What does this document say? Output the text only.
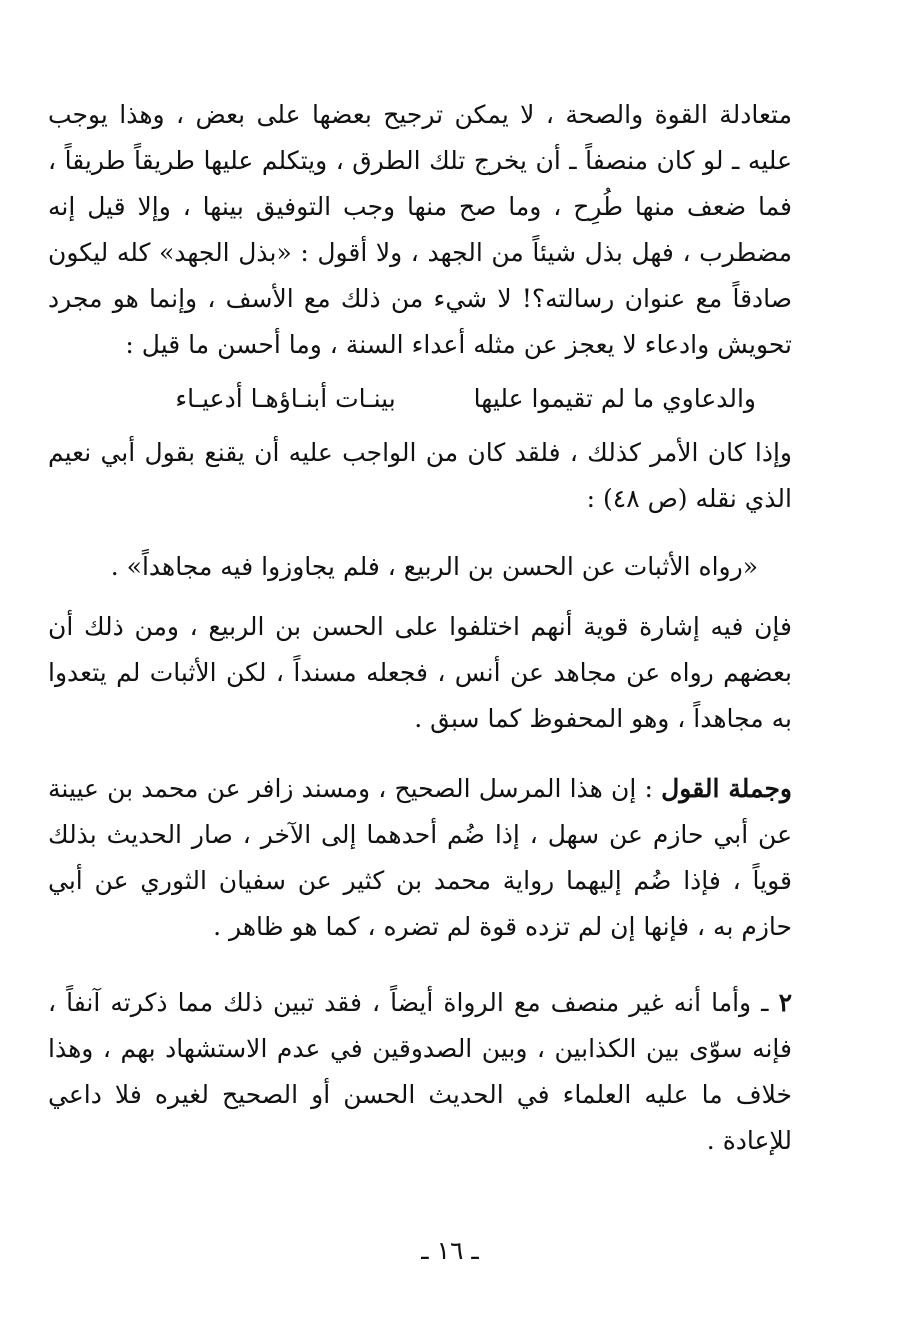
متعادلة القوة والصحة ، لا يمكن ترجيح بعضها على بعض ، وهذا يوجب عليه ـ لو كان منصفاً ـ أن يخرج تلك الطرق ، ويتكلم عليها طريقاً طريقاً ، فما ضعف منها طُرِح ، وما صح منها وجب التوفيق بينها ، وإلا قيل إنه مضطرب ، فهل بذل شيئاً من الجهد ، ولا أقول : «بذل الجهد» كله ليكون صادقاً مع عنوان رسالته؟! لا شيء من ذلك مع الأسف ، وإنما هو مجرد تحويش وادعاء لا يعجز عن مثله أعداء السنة ، وما أحسن ما قيل :

والدعاوي ما لم تقيموا عليها
بينـات أبنـاؤهـا أدعيـاء

وإذا كان الأمر كذلك ، فلقد كان من الواجب عليه أن يقنع بقول أبي نعيم الذي نقله (ص ٤٨) :

«رواه الأثبات عن الحسن بن الربيع ، فلم يجاوزوا فيه مجاهداً» .

فإن فيه إشارة قوية أنهم اختلفوا على الحسن بن الربيع ، ومن ذلك أن بعضهم رواه عن مجاهد عن أنس ، فجعله مسنداً ، لكن الأثبات لم يتعدوا به مجاهداً ، وهو المحفوظ كما سبق .

وجملة القول : إن هذا المرسل الصحيح ، ومسند زافر عن محمد بن عيينة عن أبي حازم عن سهل ، إذا ضُم أحدهما إلى الآخر ، صار الحديث بذلك قوياً ، فإذا ضُم إليهما رواية محمد بن كثير عن سفيان الثوري عن أبي حازم به ، فإنها إن لم تزده قوة لم تضره ، كما هو ظاهر .

٢ ـ وأما أنه غير منصف مع الرواة أيضاً ، فقد تبين ذلك مما ذكرته آنفاً ، فإنه سوّى بين الكذابين ، وبين الصدوقين في عدم الاستشهاد بهم ، وهذا خلاف ما عليه العلماء في الحديث الحسن أو الصحيح لغيره فلا داعي للإعادة .

ـ ١٦ ـ
